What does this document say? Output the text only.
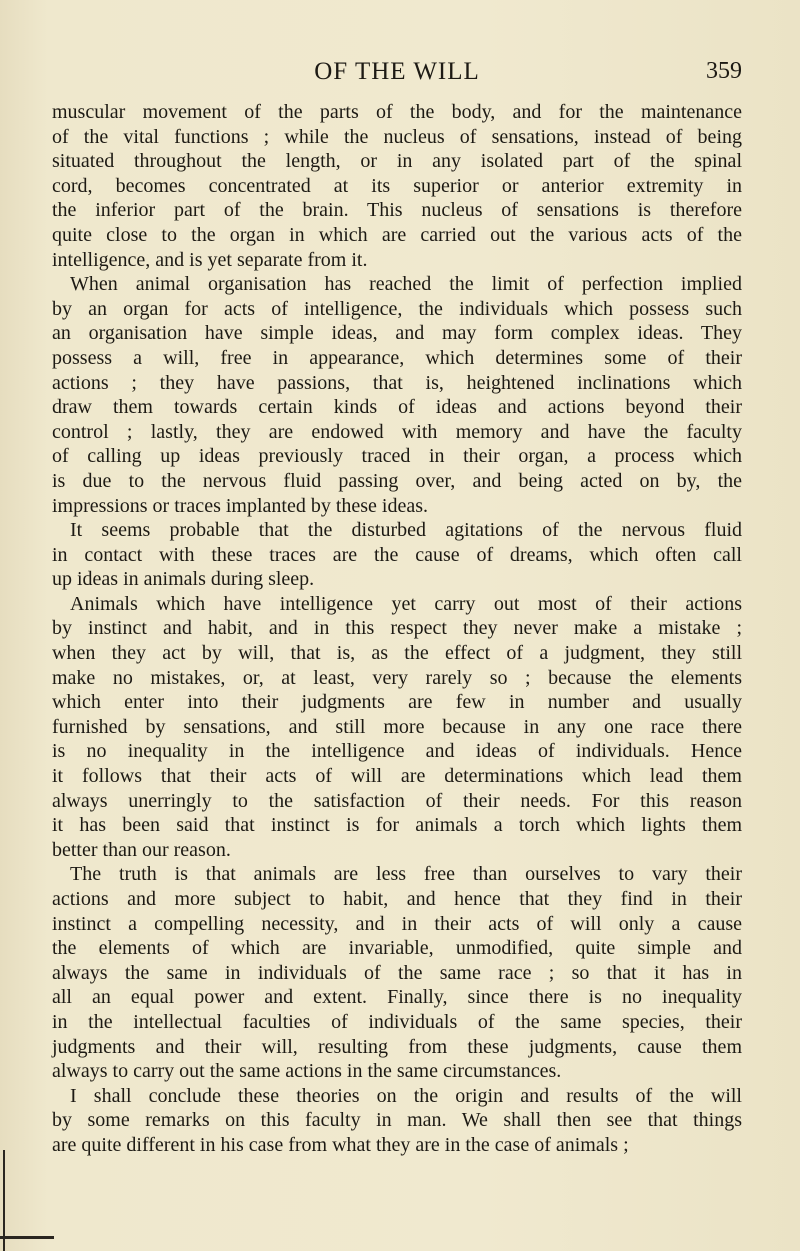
OF THE WILL	359
muscular movement of the parts of the body, and for the maintenance
of the vital functions ; while the nucleus of sensations, instead of being
situated throughout the length, or in any isolated part of the spinal
cord, becomes concentrated at its superior or anterior extremity in
the inferior part of the brain. This nucleus of sensations is therefore
quite close to the organ in which are carried out the various acts of the
intelligence, and is yet separate from it.
When animal organisation has reached the limit of perfection implied
by an organ for acts of intelligence, the individuals which possess such
an organisation have simple ideas, and may form complex ideas. They
possess a will, free in appearance, which determines some of their
actions ; they have passions, that is, heightened inclinations which
draw them towards certain kinds of ideas and actions beyond their
control ; lastly, they are endowed with memory and have the faculty
of calling up ideas previously traced in their organ, a process which
is due to the nervous fluid passing over, and being acted on by, the
impressions or traces implanted by these ideas.
It seems probable that the disturbed agitations of the nervous fluid
in contact with these traces are the cause of dreams, which often call
up ideas in animals during sleep.
Animals which have intelligence yet carry out most of their actions
by instinct and habit, and in this respect they never make a mistake ;
when they act by will, that is, as the effect of a judgment, they still
make no mistakes, or, at least, very rarely so ; because the elements
which enter into their judgments are few in number and usually
furnished by sensations, and still more because in any one race there
is no inequality in the intelligence and ideas of individuals. Hence
it follows that their acts of will are determinations which lead them
always unerringly to the satisfaction of their needs. For this reason
it has been said that instinct is for animals a torch which lights them
better than our reason.
The truth is that animals are less free than ourselves to vary their
actions and more subject to habit, and hence that they find in their
instinct a compelling necessity, and in their acts of will only a cause
the elements of which are invariable, unmodified, quite simple and
always the same in individuals of the same race ; so that it has in
all an equal power and extent. Finally, since there is no inequality
in the intellectual faculties of individuals of the same species, their
judgments and their will, resulting from these judgments, cause them
always to carry out the same actions in the same circumstances.
I shall conclude these theories on the origin and results of the will
by some remarks on this faculty in man. We shall then see that things
are quite different in his case from what they are in the case of animals ;
